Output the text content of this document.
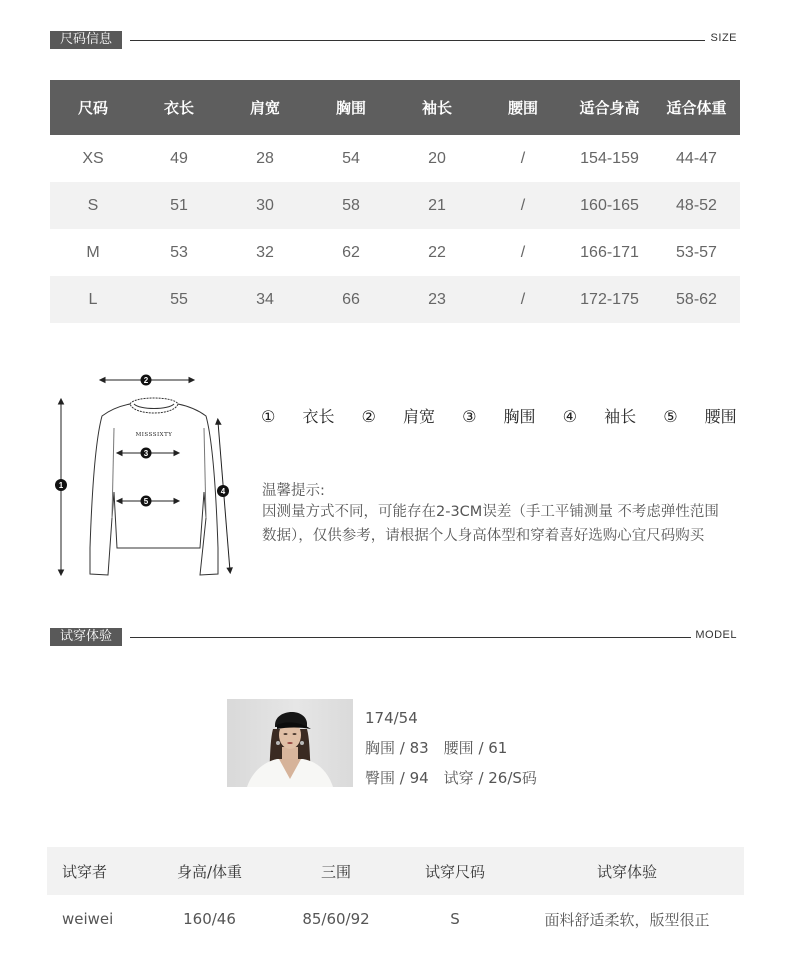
尺码信息	SIZE
尺码	衣长	肩宽	胸围	袖长	腰围	适合身高	适合体重
XS	49	28	54	20	/	154-159	44-47
S	51	30	58	21	/	160-165	48-52
M	53	32	62	22	/	166-171	53-57
L	55	34	66	23	/	172-175	58-62
MISSSIXTY
2
1
3
5
4
① 衣长 ② 肩宽 ③ 胸围 ④ 袖长 ⑤ 腰围
温馨提示:
因测量方式不同，可能存在2-3CM误差（手工平铺测量 不考虑弹性范围数据），仅供参考，请根据个人身高体型和穿着喜好选购心宜尺码购买
试穿体验	MODEL
174/54
胸围 / 83　腰围 / 61
臀围 / 94　试穿 / 26/S码
试穿者	身高/体重	三围	试穿尺码	试穿体验
weiwei	160/46	85/60/92	S	面料舒适柔软，版型很正
